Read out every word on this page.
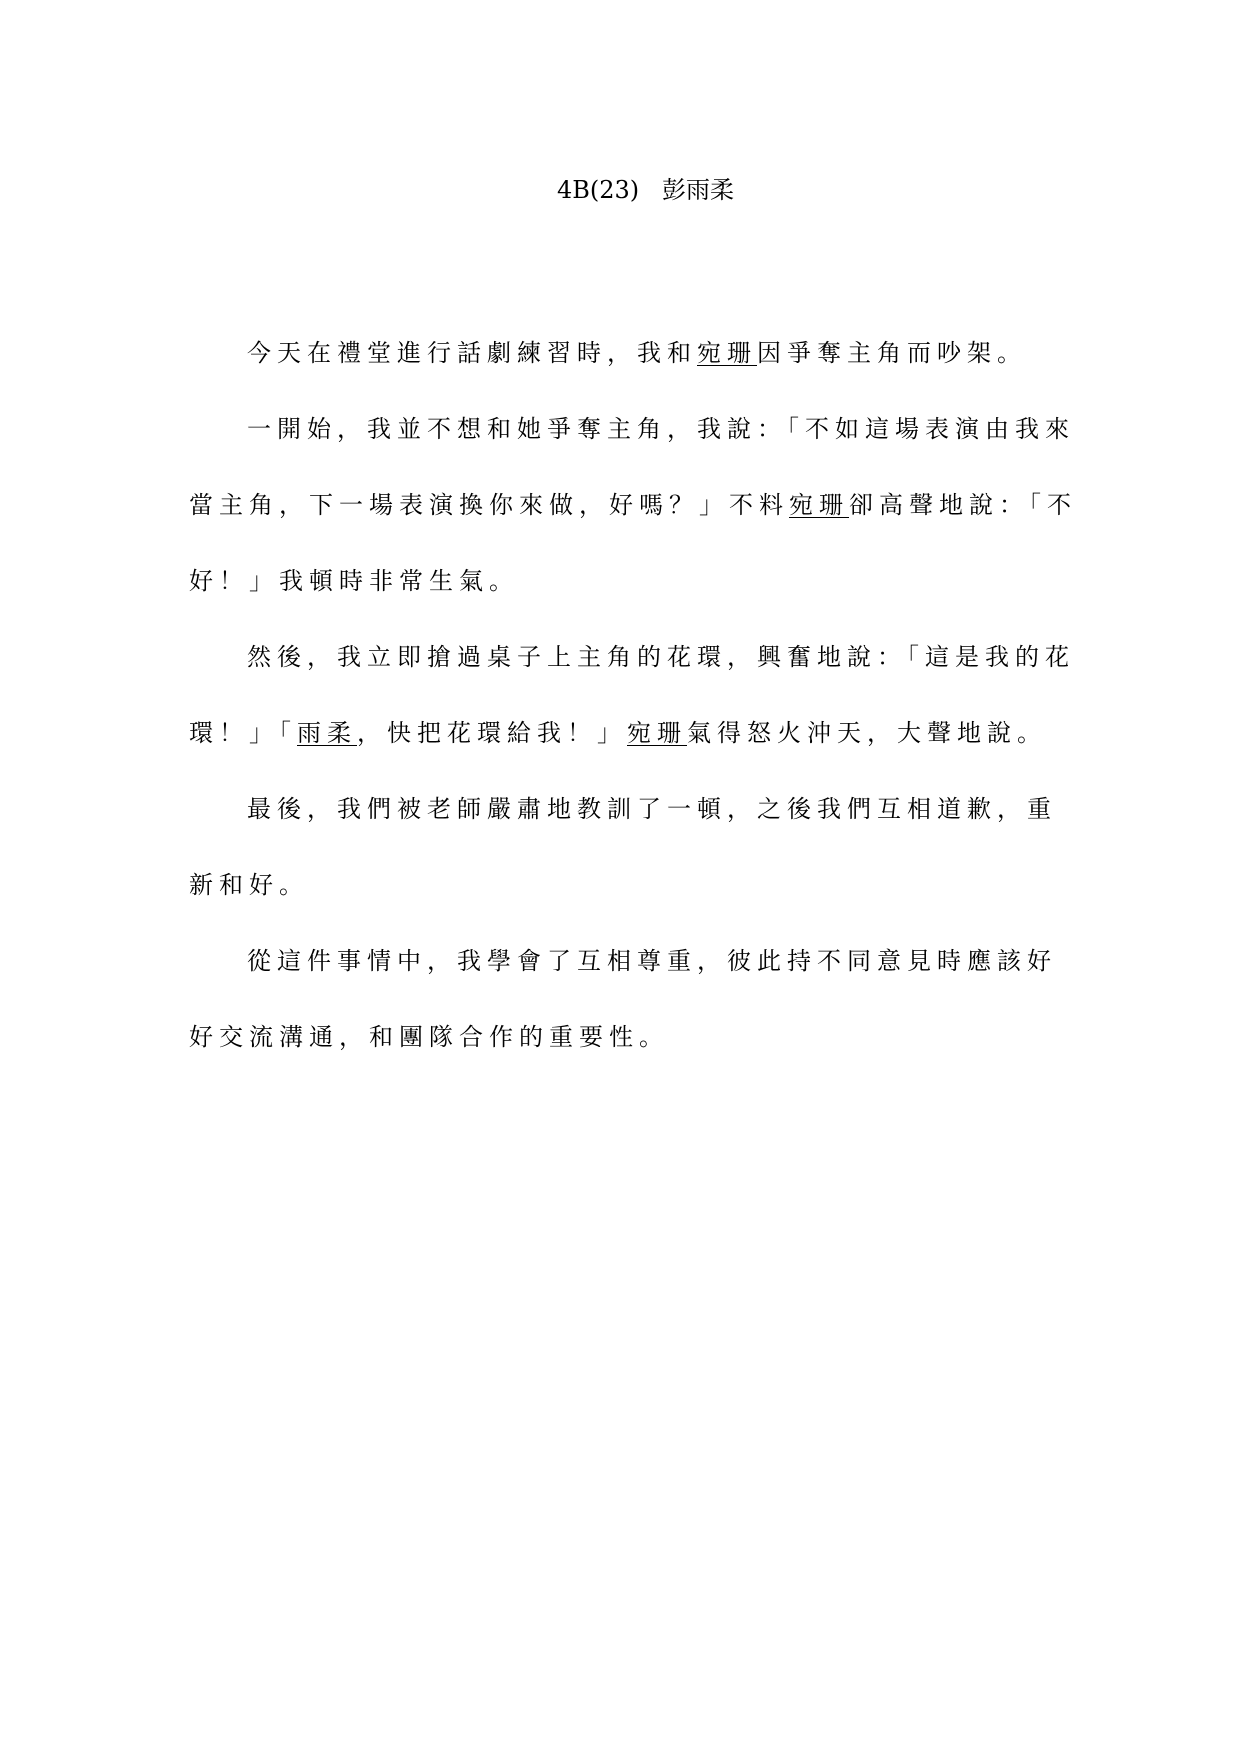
4B(23)   彭雨柔
今天在禮堂進行話劇練習時，我和宛珊因爭奪主角而吵架。
一開始，我並不想和她爭奪主角，我說：「不如這場表演由我來
當主角，下一場表演換你來做，好嗎？」不料宛珊卻高聲地說：「不
好！」我頓時非常生氣。
然後，我立即搶過桌子上主角的花環，興奮地說：「這是我的花
環！」「雨柔，快把花環給我！」宛珊氣得怒火沖天，大聲地說。
最後，我們被老師嚴肅地教訓了一頓，之後我們互相道歉，重
新和好。
從這件事情中，我學會了互相尊重，彼此持不同意見時應該好
好交流溝通，和團隊合作的重要性。
